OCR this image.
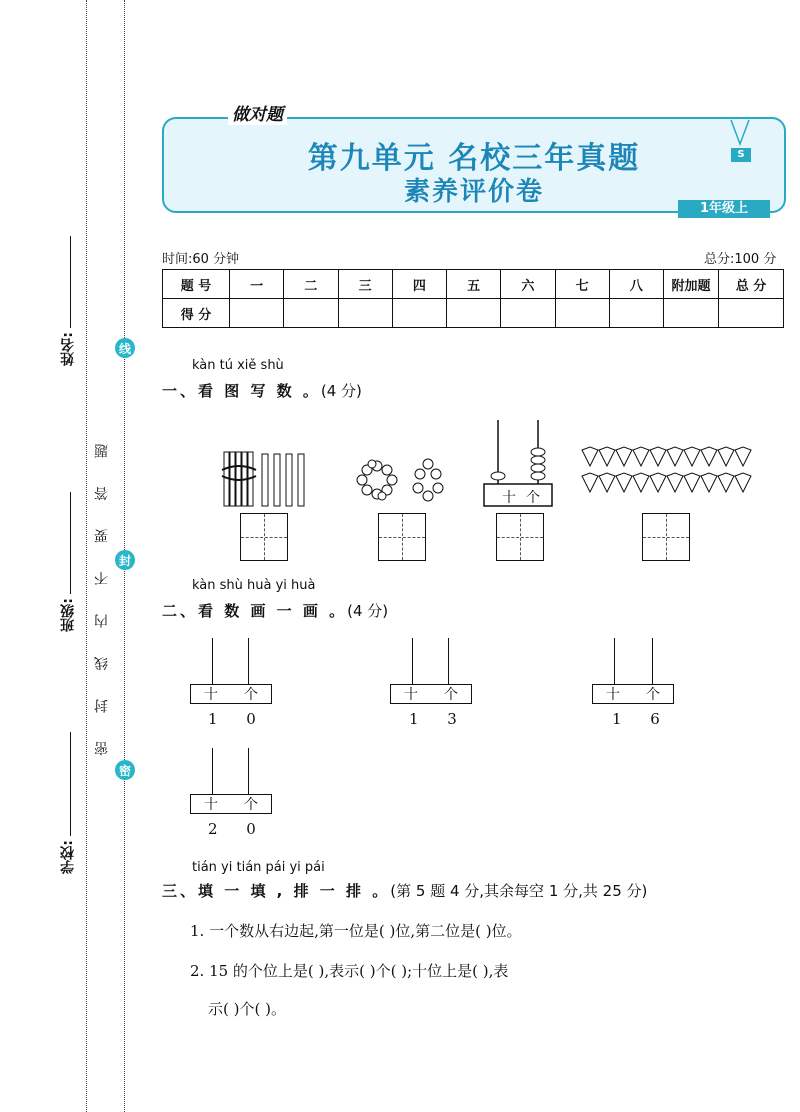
姓名:
班级:
学校:
密 封 线 内 不 要 答 题
线
封
密
第九单元 名校三年真题
素养评价卷
做对题
S
1年级上
时间:60 分钟	总分:100 分
题 号	一	二	三	四	五	六	七	八	附加题	总 分
得 分										
kàn tú xiě shù
一、看 图 写 数 。(4 分)
十 个
kàn shù huà yi huà
二、看 数 画 一 画 。(4 分)
十 个
1 0
十 个
1 3
十 个
1 6
十 个
2 0
tián yi tián pái yi pái
三、填 一 填 , 排 一 排 。(第 5 题 4 分,其余每空 1 分,共 25 分)
1. 一个数从右边起,第一位是( )位,第二位是( )位。
2. 15 的个位上是( ),表示( )个( );十位上是( ),表
示( )个( )。
